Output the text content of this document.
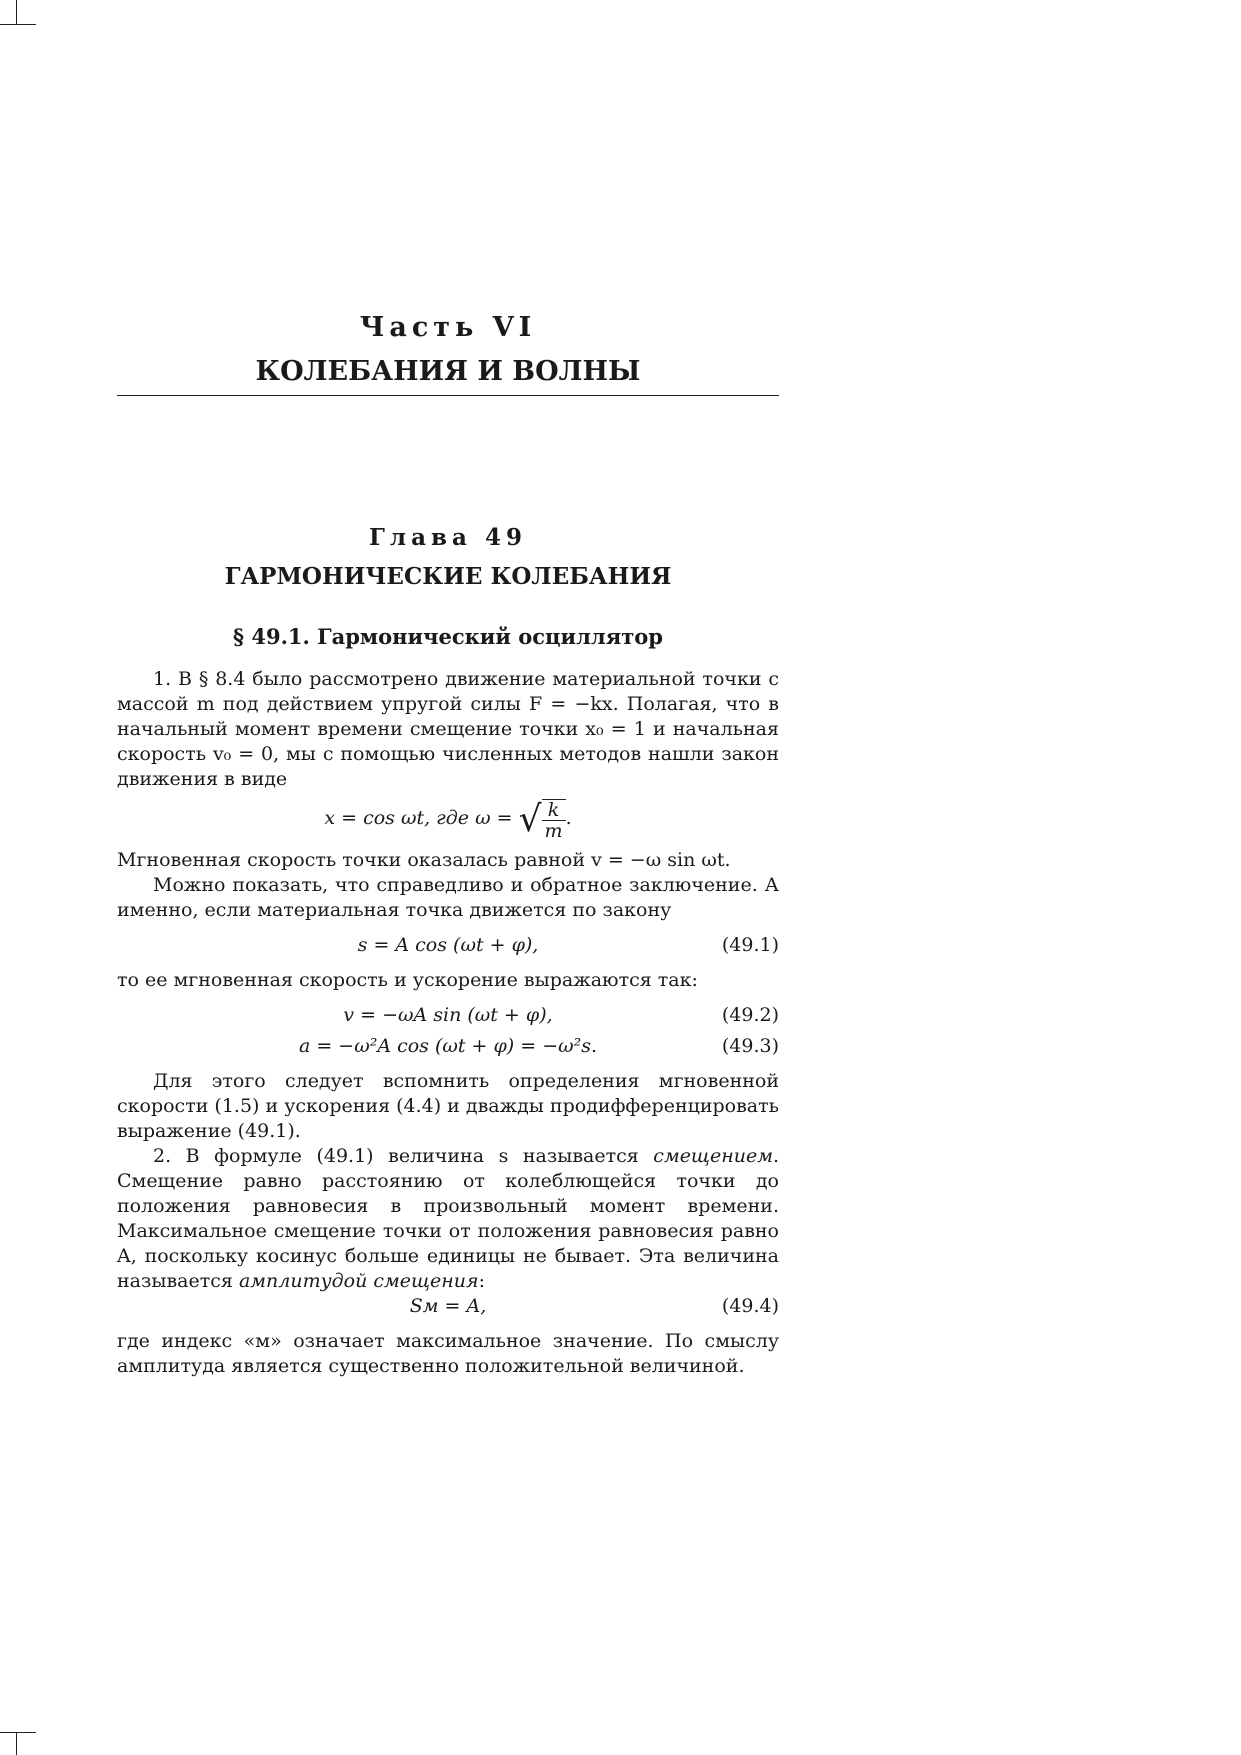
Часть VI
КОЛЕБАНИЯ И ВОЛНЫ
Глава 49
ГАРМОНИЧЕСКИЕ КОЛЕБАНИЯ
§ 49.1. Гармонический осциллятор

1. В § 8.4 было рассмотрено движение материальной точки с массой m под действием упругой силы F = −kx. Полагая, что в начальный момент времени смещение точки x₀ = 1 и начальная скорость v₀ = 0, мы с помощью численных методов нашли закон движения в виде

x = cos ωt, где ω = √ $\frac{k}{m}$ .

Мгновенная скорость точки оказалась равной v = −ω sin ωt.

Можно показать, что справедливо и обратное заключение. А именно, если материальная точка движется по закону

s = A cos (ωt + φ),	(49.1)

то ее мгновенная скорость и ускорение выражаются так:

v = −ωA sin (ωt + φ),	(49.2)
a = −ω²A cos (ωt + φ) = −ω²s.	(49.3)

Для этого следует вспомнить определения мгновенной скорости (1.5) и ускорения (4.4) и дважды продифференцировать выражение (49.1).

2. В формуле (49.1) величина s называется смещением. Смещение равно расстоянию от колеблющейся точки до положения равновесия в произвольный момент времени. Максимальное смещение точки от положения равновесия равно A, поскольку косинус больше единицы не бывает. Эта величина называется амплитудой смещения:

Sм = A,	(49.4)

где индекс «м» означает максимальное значение. По смыслу амплитуда является существенно положительной величиной.
